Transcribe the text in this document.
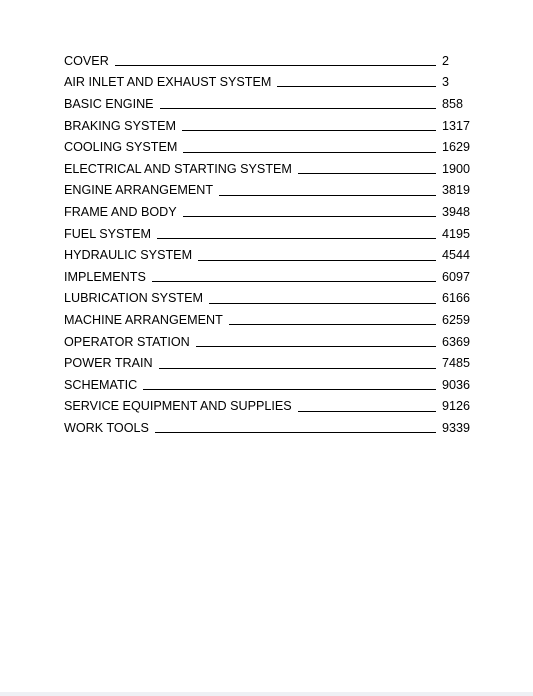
COVER	2
AIR INLET AND EXHAUST SYSTEM	3
BASIC ENGINE	858
BRAKING SYSTEM	1317
COOLING SYSTEM	1629
ELECTRICAL AND STARTING SYSTEM	1900
ENGINE ARRANGEMENT	3819
FRAME AND BODY	3948
FUEL SYSTEM	4195
HYDRAULIC SYSTEM	4544
IMPLEMENTS	6097
LUBRICATION SYSTEM	6166
MACHINE ARRANGEMENT	6259
OPERATOR STATION	6369
POWER TRAIN	7485
SCHEMATIC	9036
SERVICE EQUIPMENT AND SUPPLIES	9126
WORK TOOLS	9339
